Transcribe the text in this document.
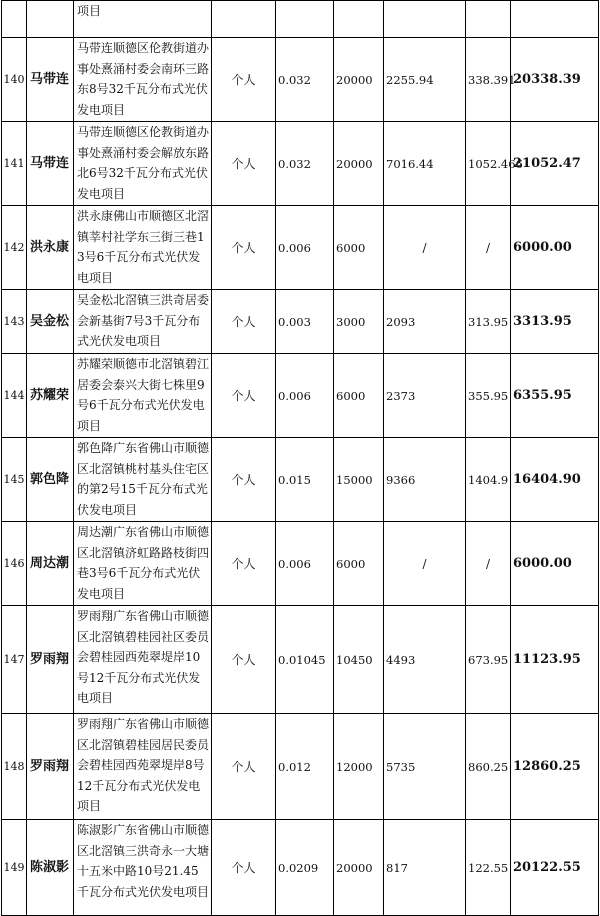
		项目						
140	马带连	马带连顺德区伦教街道办事处熹涌村委会南环三路东8号32千瓦分布式光伏发电项目	个人	0.032	20000	2255.94	338.391	20338.39
141	马带连	马带连顺德区伦教街道办事处熹涌村委会解放东路北6号32千瓦分布式光伏发电项目	个人	0.032	20000	7016.44	1052.466	21052.47
142	洪永康	洪永康佛山市顺德区北滘镇莘村社学东三街三巷13号6千瓦分布式光伏发电项目	个人	0.006	6000	/	/	6000.00
143	吴金松	吴金松北滘镇三洪奇居委会新基街7号3千瓦分布式光伏发电项目	个人	0.003	3000	2093	313.95	3313.95
144	苏耀荣	苏耀荣顺德市北滘镇碧江居委会泰兴大街七株里9号6千瓦分布式光伏发电项目	个人	0.006	6000	2373	355.95	6355.95
145	郭色降	郭色降广东省佛山市顺德区北滘镇桃村基头住宅区的第2号15千瓦分布式光伏发电项目	个人	0.015	15000	9366	1404.9	16404.90
146	周达潮	周达潮广东省佛山市顺德区北滘镇济虹路路枝街四巷3号6千瓦分布式光伏发电项目	个人	0.006	6000	/	/	6000.00
147	罗雨翔	罗雨翔广东省佛山市顺德区北滘镇碧桂园社区委员会碧桂园西苑翠堤岸10号12千瓦分布式光伏发电项目	个人	0.01045	10450	4493	673.95	11123.95
148	罗雨翔	罗雨翔广东省佛山市顺德区北滘镇碧桂园居民委员会碧桂园西苑翠堤岸8号12千瓦分布式光伏发电项目	个人	0.012	12000	5735	860.25	12860.25
149	陈淑影	陈淑影广东省佛山市顺德区北滘镇三洪奇永一大塘十五米中路10号21.45千瓦分布式光伏发电项目	个人	0.0209	20000	817	122.55	20122.55
